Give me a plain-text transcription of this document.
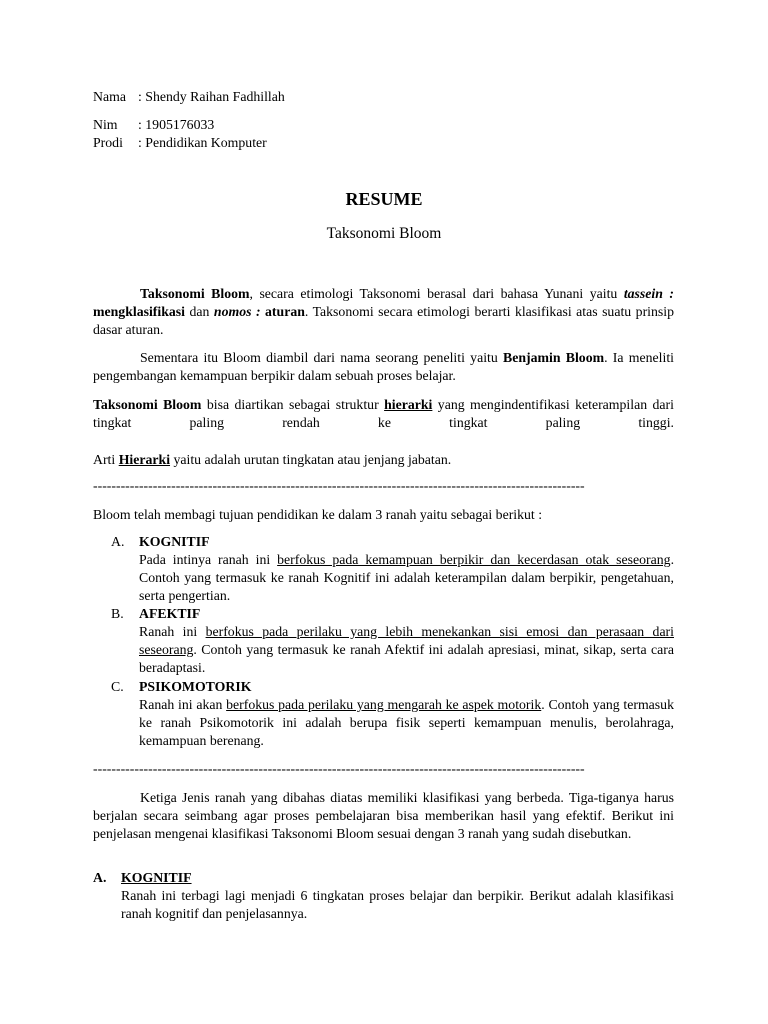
Nama : Shendy Raihan Fadhillah
Nim : 1905176033
Prodi : Pendidikan Komputer
RESUME
Taksonomi Bloom
Taksonomi Bloom, secara etimologi Taksonomi berasal dari bahasa Yunani yaitu tassein : mengklasifikasi dan nomos : aturan. Taksonomi secara etimologi berarti klasifikasi atas suatu prinsip dasar aturan.
Sementara itu Bloom diambil dari nama seorang peneliti yaitu Benjamin Bloom. Ia meneliti pengembangan kemampuan berpikir dalam sebuah proses belajar.
Taksonomi Bloom bisa diartikan sebagai struktur hierarki yang mengindentifikasi keterampilan dari tingkat paling rendah ke tingkat paling tinggi.
Arti Hierarki yaitu adalah urutan tingkatan atau jenjang jabatan.
-----------------------------------------------------------------------------------------------------------
Bloom telah membagi tujuan pendidikan ke dalam 3 ranah yaitu sebagai berikut :
A. KOGNITIF
Pada intinya ranah ini berfokus pada kemampuan berpikir dan kecerdasan otak seseorang. Contoh yang termasuk ke ranah Kognitif ini adalah keterampilan dalam berpikir, pengetahuan, serta pengertian.
B. AFEKTIF
Ranah ini berfokus pada perilaku yang lebih menekankan sisi emosi dan perasaan dari seseorang. Contoh yang termasuk ke ranah Afektif ini adalah apresiasi, minat, sikap, serta cara beradaptasi.
C. PSIKOMOTORIK
Ranah ini akan berfokus pada perilaku yang mengarah ke aspek motorik. Contoh yang termasuk ke ranah Psikomotorik ini adalah berupa fisik seperti kemampuan menulis, berolahraga, kemampuan berenang.
-----------------------------------------------------------------------------------------------------------
Ketiga Jenis ranah yang dibahas diatas memiliki klasifikasi yang berbeda. Tiga-tiganya harus berjalan secara seimbang agar proses pembelajaran bisa memberikan hasil yang efektif. Berikut ini penjelasan mengenai klasifikasi Taksonomi Bloom sesuai dengan 3 ranah yang sudah disebutkan.
A. KOGNITIF
Ranah ini terbagi lagi menjadi 6 tingkatan proses belajar dan berpikir. Berikut adalah klasifikasi ranah kognitif dan penjelasannya.
